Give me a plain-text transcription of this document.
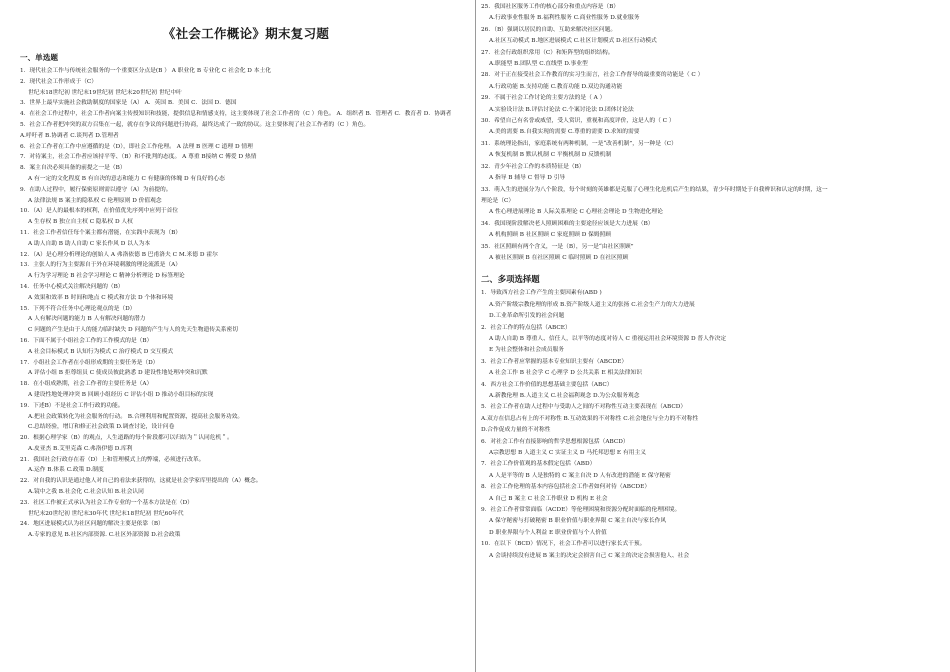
《社会工作概论》期末复习题
一、单选题
1．现代社会工作与传统社会服务的一个重要区分点是(B ） A 职业化 B 专业化 C 社会化 D 本土化
2．现代社会工作形成于（C）
世纪末18世纪初 世纪末19世纪初 世纪末20世纪初 世纪中叶
3．世界上最早实施社会救助制度的国家是（A） A．英国 B．美国 C．法国 D．德国
4．在社会工作过程中，社会工作者向案主传授知识和技能，提供信息和情感支持，这主要体现了社会工作者的（C ）角色。 A．组织者 B．管理者 C．教育者 D．协调者
5．社会工作者把冲突的双方召集在一起，就存在争议的问题进行协商，最终达成了一致的协议。这主要体现了社会工作者的（C ）角色。
A.呼吁者 B.协调者 C.谈判者 D.管理者
6．社会工作者在工作中应遵循的是（D），即社会工作伦理。 A 法理 B 医理 C 道理 D 情理
7．对待案主，社会工作者应该持平等、（B）和不批判的态度。 A 尊重 B接纳 C 傅爱 D 热情
8．案主自决必须具备的前提之一是（B）
A 有一定的文化程度 B 有自决的意志和能力 C 有健康的体魄 D 有良好的心态
9．在助人过程中，履行保密原则需以遵守（A）为前提的。
A 法律法规 B 案主的隐私权 C 伦理原则 D 价值观念
10．（A）是人的最根本的权利，在价值优先序列中应列于首位
A 生存权 B 独立自主权 C 隐私权 D 人权
11．社会工作者信任每个案主都有潜能，在实践中表现为（B）
A 助人自助 B 助人自助 C 家长作风 D 以人为本
12．（A）是心理分析理论的创始人 A 弗洛依德 B 巴甫洛夫 C M.米德 D 霍尔
13．主张人的行为主要源自于外在环境刺激的理论流派是（A）
A 行为学习理论 B 社会学习理论 C 精神分析理论 D 标签理论
14．任务中心模式关注解决问题的（B）
A 效果和效率 B 时间和地点 C 模式和方法 D 个体和环境
15．下列不符合任务中心理论观点的是（D）
A 人有解决问题的能力 B 人有解决问题的潜力
C 问题的产生是由于人的能力临时缺失 D 问题的产生与人的先天生物遗传关系密切
16．下面不属于小组社会工作的工作模式的是（B）
A 社会目标模式 B 认知行为模式 C 治疗模式 D 交互模式
17．小组社会工作者在小组形成期的主要任务是（D）
A 评估小组 B 拒尊组员 C 使成员彼此熟悉 D 建设性地处理冲突和沉默
18．在小组成熟期，社会工作者的主要任务是（A）
A 建设性地处理冲突 B 回顾小组经历 C 评估小组 D 推动小组目标的实现
19．下述B）不是社会工作行政的功能。
A.把社会政策转化为社会服务的行动。 B.合理利用和配置资源，提高社会服务功效。
C.总结经验，增订和修正社会政策 D.调查讨论，设计问卷
20．根据心理学家（B）的观点，人生道路的每个阶段都可以归结为＂认同危机＂。
A.皮亚杰 B.艾里克森 C.弗洛伊德 D.库利
21．我国社会行政存在着（D）上和管理模式上的弊端，必须进行改革。
A.运作 B.体系 C.政策 D.制度
22．对自我的认识是通过他人对自己的看法来获得的，这就是社会学家库里提出的（A）概念。
A.镜中之我 B.社会化 C.社会认知 B.社会认同
23．社区工作被正式承认为社会工作专业的一个基本方法是在（D）
世纪末20世纪初 世纪末30年代 世纪末18世纪初 世纪60年代
24．地区进展模式认为社区问题的解决主要是依靠（B）
A.专家的意见 B.社区内部资源. C.社区外部资源 D.社会政策
25．我国社区服务工作的核心部分和重点内容是（B）
A.行政事业性服务 B.福利性服务 C.商业性服务 D.就业服务
26．（B）强调以居民的自助、互助来解决社区问题。
A.社区互动模式 B.地区进展模式 C.社区计划模式 D.社区行动模式
27．社会行政组织常用（C）和矩阵型的组织结构。
A.职能型 B.团队型 C.直线型 D.事业型
28．对于正在接受社会工作教育的实习生而言，社会工作督导的最重要的功能是（ C ）
A.行政功能 B.支持功能 C.教育功能 D.双边沟通功能
29．不属于社会工作讨论的主要方法的是（ A ）
A.实验设计法 B.评估讨论法 C.个案讨论法 D.团体讨论法
30．希望自己有名誉或威望，受人赏识，重视和高度评价，这是人的（ C ）
A.美的需要 B.自我实现的需要 C.尊重的需要 D.求知的需要
31．系统理论指出，家庭系统有两种机制，一是“改善机制”，另一种是（C）
A 恢复机制 B 默认机制 C 平衡机制 D 反馈机制
32．青少年社会工作的本质特征是（B）
A 指导 B 辅导 C 督导 D 引导
33．萌入生的进展分为八个阶段，每个时刻的英雄都是克服了心理生化危机后产生的结果，青少年时期处于自我辨识和认定的时期，这一
理论是（C）
A 性心理进展理论 B 人际关系理论 C 心理社会理论 D 生物进化理论
34．我国现阶段解决老人照顾困难的主要途径应该是大力进展（B）
A 机构照顾 B 社区照顾 C 家庭照顾 D 保姆照顾
35．社区照顾有两个含义，一是（B），另一是“由社区照顾”
A 被社区照顾 B 在社区照顾 C 临时照顾 D 在社区照顾
二、多项选择题
1．导致西方社会工作产生的主要因素有(ABD )
A.资产阶级宗教伦理的形成 B.资产阶级人道主义的张扬 C.社会生产力的大力进展
D.工业革命所引发的社会问题
2．社会工作的特点包括（ABCE）
A 助人自助 B 尊重人、信任人，以平等的态度对待人 C 重视运用社会环境资源 D 普人作决定
E 为社会整体和社会成员服务
3．社会工作者应掌握的基本专业知识主要有（ABCDE）
A 社会工作 B 社会学 C 心理学 D 公共关系 E 相关法律知识
4．西方社会工作价值的思想基础主要包括（ABC）
A.新教伦理 B.人道主义 C.社会福利观念 D.为公众服务观念
5．社会工作者在助人过程中与受助人之间的不对称性互动主要表现在（ABCD）
A.双方在信息占有上的不对称性 B.互动效果的不对称性 C.社会地位与全力的不对称性
D.合作促成力量的不对称性
6．对社会工作有直接影响的哲学思想根源包括（ABCD）
A宗教思想 B 人道主义 C 实证主义 D 马托邦思想 E 有用主义
7．社会工作价值观的基本假定包括（ABD）
A 人是平等的 B 人是独特的 C 案主自决 D 人有改进的潜能 E 保守秘密
8．社会工作伦理的基本内容包括社会工作者如何对待（ABCDE）
A 自己 B 案主 C 社会工作职业 D 机构 E 社会
9．社会工作者常常面临（ACDE）等伦理困境和资源分配时面临的伦理困境。
A 保守秘密与打破秘密 B 职业价值与职业界限 C 案主自决与家长作风
D 职业界限与个人利益 E 职业价值与个人价值
10．在以下（BCD）情况下，社会工作者可以进行家长式干预。
A 会谈持续没有进展 B 案主的决定会损害自己 C 案主的决定会损害他人、社会
